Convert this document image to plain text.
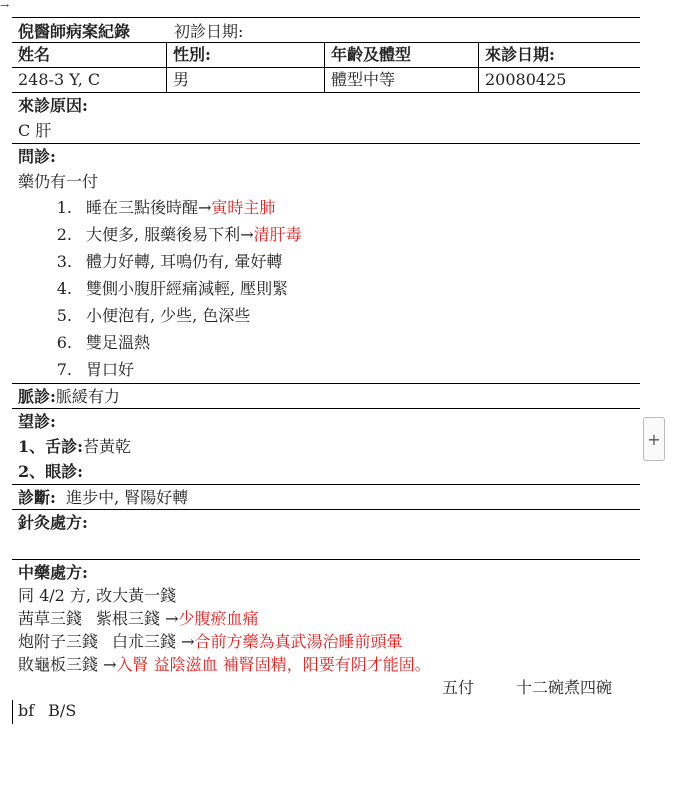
→
倪醫師病案紀錄	初診日期:
姓名	性別:	年齡及體型	來診日期:
248-3 Y, C	男	體型中等	20080425
來診原因:
C 肝
問診:
藥仍有一付
1. 睡在三點後時醒 → 寅時主肺
2. 大便多, 服藥後易下利 → 清肝毒
3. 體力好轉, 耳鳴仍有, 暈好轉
4. 雙側小腹肝經痛減輕, 壓則緊
5. 小便泡有, 少些, 色深些
6. 雙足溫熱
7. 胃口好
脈診:脈緩有力
望診:
1、舌診:苔黃乾
2、眼診:
診斷: 進步中, 腎陽好轉
針灸處方:
中藥處方:
同 4/2 方, 改大黃一錢
茜草三錢 紫根三錢 →少腹瘀血痛
炮附子三錢 白朮三錢 →合前方藥為真武湯治睡前頭暈
敗龜板三錢 →入腎 益陰滋血 補腎固精，阳要有阴才能固。
五付	十二碗煮四碗
bf B/S
+
